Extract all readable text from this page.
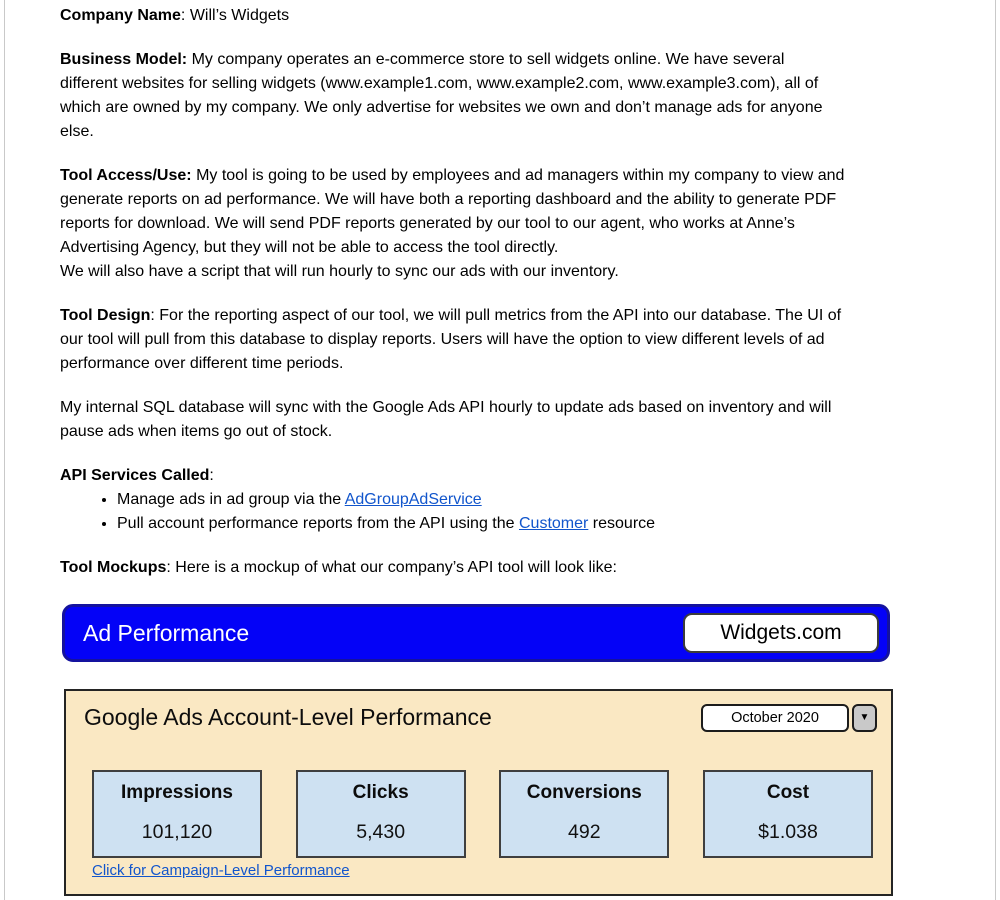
Company Name: Will’s Widgets

Business Model: My company operates an e-commerce store to sell widgets online. We have several
different websites for selling widgets (www.example1.com, www.example2.com, www.example3.com), all of
which are owned by my company. We only advertise for websites we own and don’t manage ads for anyone
else.

Tool Access/Use: My tool is going to be used by employees and ad managers within my company to view and
generate reports on ad performance. We will have both a reporting dashboard and the ability to generate PDF
reports for download. We will send PDF reports generated by our tool to our agent, who works at Anne’s
Advertising Agency, but they will not be able to access the tool directly.
We will also have a script that will run hourly to sync our ads with our inventory.

Tool Design: For the reporting aspect of our tool, we will pull metrics from the API into our database. The UI of
our tool will pull from this database to display reports. Users will have the option to view different levels of ad
performance over different time periods.

My internal SQL database will sync with the Google Ads API hourly to update ads based on inventory and will
pause ads when items go out of stock.

API Services Called:
• Manage ads in ad group via the AdGroupAdService
• Pull account performance reports from the API using the Customer resource

Tool Mockups: Here is a mockup of what our company’s API tool will look like:

Ad Performance	Widgets.com
Google Ads Account-Level Performance	October 2020	▼
Impressions
101,120
Clicks
5,430
Conversions
492
Cost
$1.038
Click for Campaign-Level Performance
